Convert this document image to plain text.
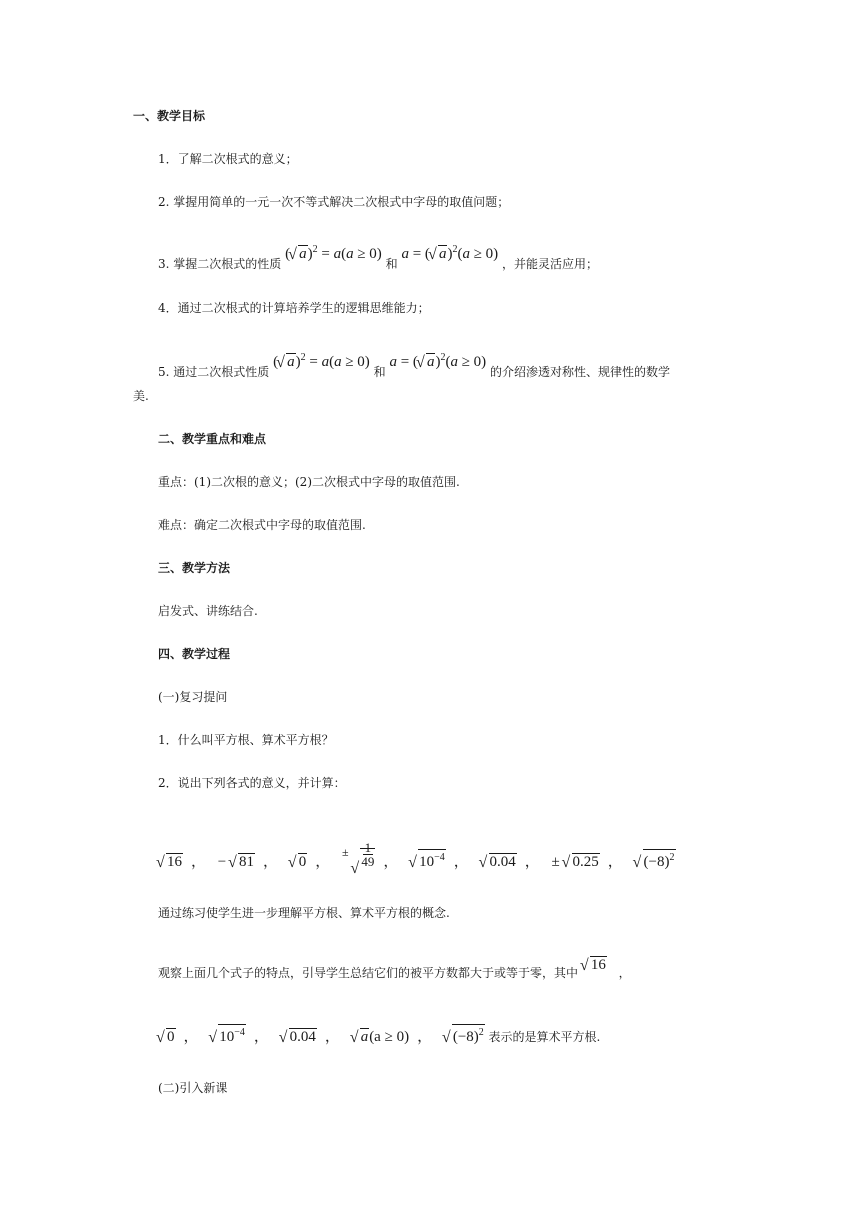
一、教学目标
1．了解二次根式的意义；
2. 掌握用简单的一元一次不等式解决二次根式中字母的取值问题；
3. 掌握二次根式的性质 ( √ a)$^2$ = a(a ≥ 0) 和 a = ( √ a)$^2$(a ≥ 0) ，并能灵活应用；
4．通过二次根式的计算培养学生的逻辑思维能力；
5. 通过二次根式性质 ( √ a)$^2$ = a(a ≥ 0) 和 a = ( √ a)$^2$(a ≥ 0) 的介绍渗透对称性、规律性的数学
美.
二、教学重点和难点
重点：(1)二次根的意义；(2)二次根式中字母的取值范围.
难点：确定二次根式中字母的取值范围.
三、教学方法
启发式、讲练结合.
四、教学过程
(一)复习提问
1．什么叫平方根、算术平方根？
2．说出下列各式的意义，并计算：
√ 16 ， − √ 81 ， √ 0 ， ± √ $\frac{1}{49}$ ， √ $10^{-4}$ ， √ 0.04 ， ± √ 0.25 ， √ $(-8)^2$
通过练习使学生进一步理解平方根、算术平方根的概念.
观察上面几个式子的特点，引导学生总结它们的被平方数都大于或等于零，其中 √ 16 ，
√ 0 ， √ $10^{-4}$ ， √ 0.04 ， √ a(a ≥ 0) ， √ $(-8)^2$ 表示的是算术平方根.
(二)引入新课
